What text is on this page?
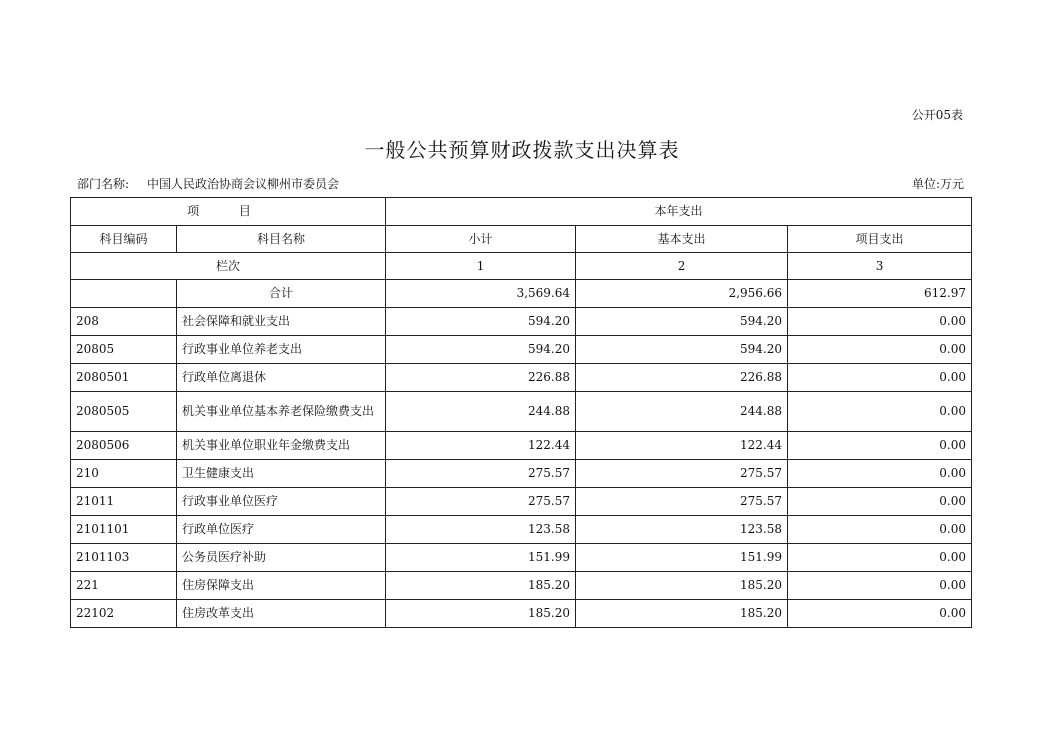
公开05表
一般公共预算财政拨款支出决算表
部门名称: 中国人民政治协商会议柳州市委员会	单位:万元
项 目		本年支出		
科目编码	科目名称	小计	基本支出	项目支出
栏次		1	2	3
	合计	3,569.64	2,956.66	612.97
208	社会保障和就业支出	594.20	594.20	0.00
20805	行政事业单位养老支出	594.20	594.20	0.00
2080501	行政单位离退休	226.88	226.88	0.00
2080505	机关事业单位基本养老保险缴费支出	244.88	244.88	0.00
2080506	机关事业单位职业年金缴费支出	122.44	122.44	0.00
210	卫生健康支出	275.57	275.57	0.00
21011	行政事业单位医疗	275.57	275.57	0.00
2101101	行政单位医疗	123.58	123.58	0.00
2101103	公务员医疗补助	151.99	151.99	0.00
221	住房保障支出	185.20	185.20	0.00
22102	住房改革支出	185.20	185.20	0.00
